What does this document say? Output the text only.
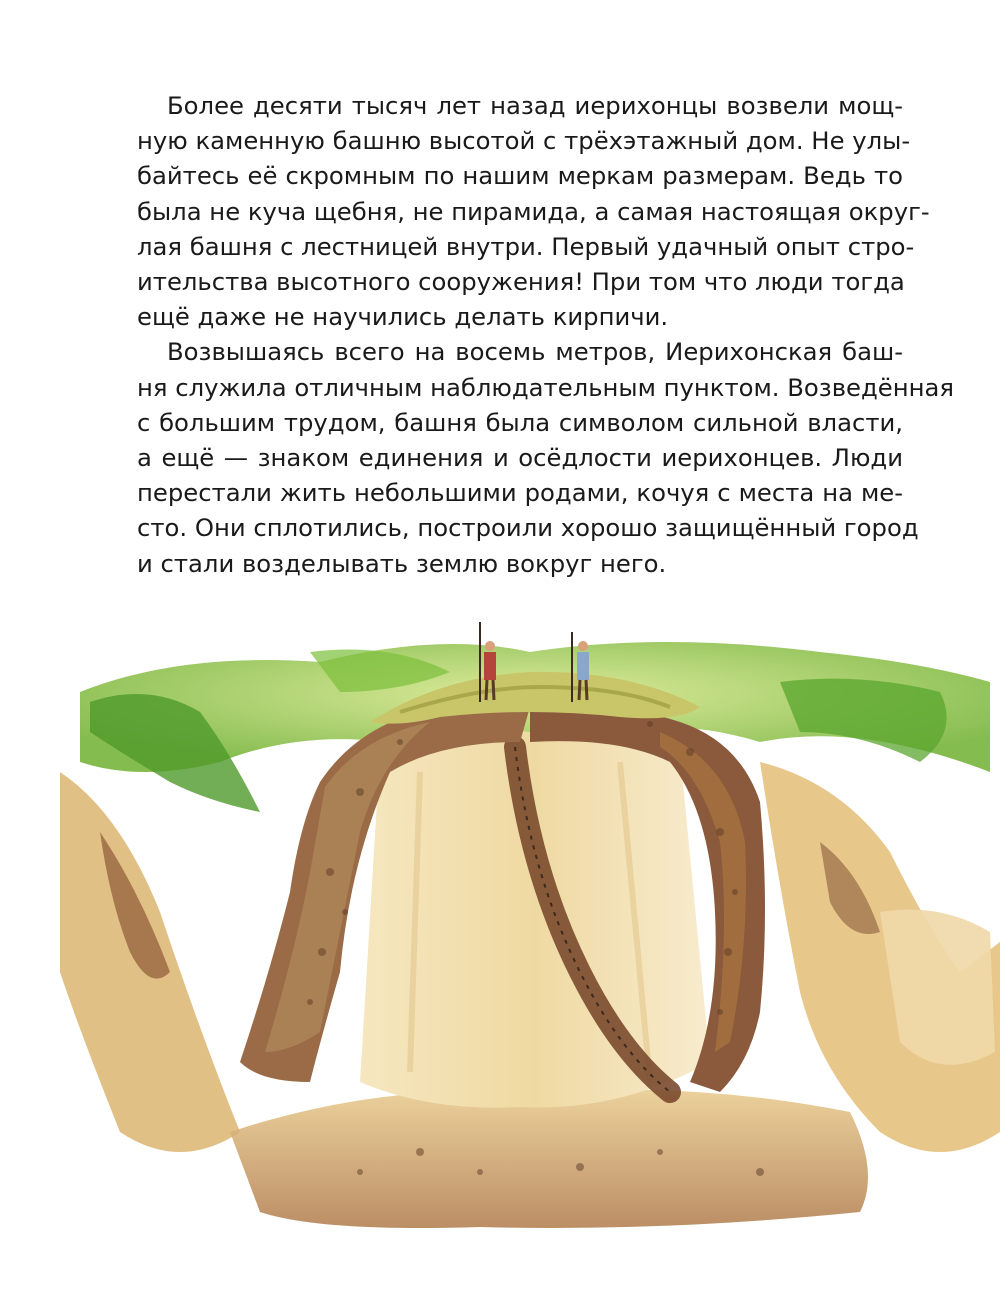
Более десяти тысяч лет назад иерихонцы возвели мощ-
ную каменную башню высотой с трёхэтажный дом. Не улы-
байтесь её скромным по нашим меркам размерам. Ведь то
была не куча щебня, не пирамида, а самая настоящая округ-
лая башня с лестницей внутри. Первый удачный опыт стро-
ительства высотного сооружения! При том что люди тогда
ещё даже не научились делать кирпичи.

Возвышаясь всего на восемь метров, Иерихонская баш-
ня служила отличным наблюдательным пунктом. Возведённая
с большим трудом, башня была символом сильной власти,
а ещё — знаком единения и осёдлости иерихонцев. Люди
перестали жить небольшими родами, кочуя с места на ме-
сто. Они сплотились, построили хорошо защищённый город
и стали возделывать землю вокруг него.
